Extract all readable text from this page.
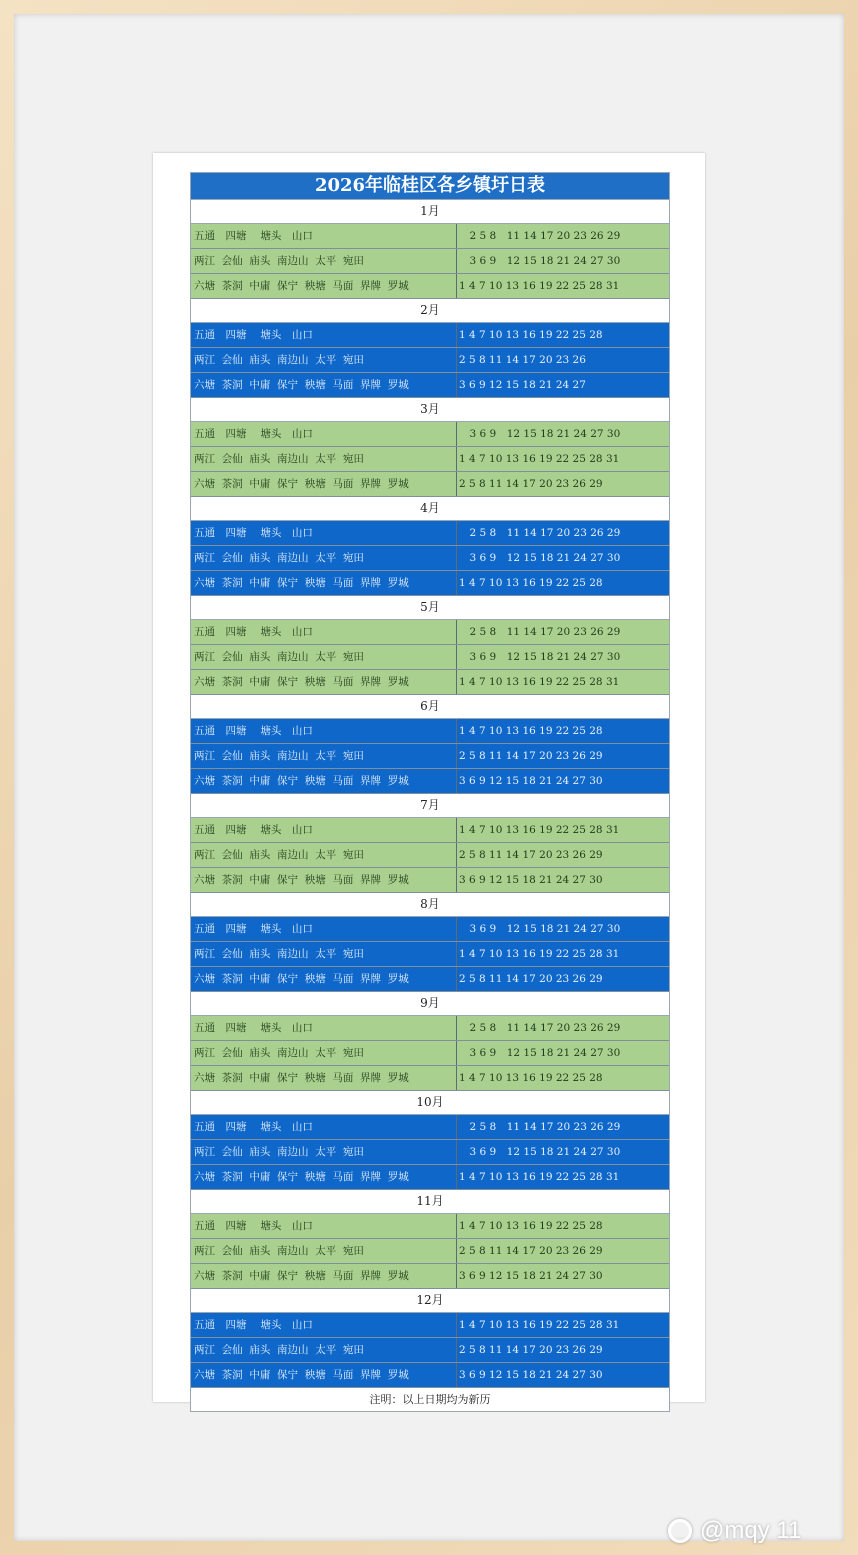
2026年临桂区各乡镇圩日表
1月
五通　四塘　 塘头　山口	　2 5 8　11 14 17 20 23 26 29
两江  会仙  庙头  南边山  太平  宛田	　3 6 9　12 15 18 21 24 27 30
六塘  茶洞  中庸  保宁  秧塘  马面  界牌  罗城	1 4 7 10 13 16 19 22 25 28 31
2月
五通　四塘　 塘头　山口	1 4 7 10 13 16 19 22 25 28
两江  会仙  庙头  南边山  太平  宛田	2 5 8 11 14 17 20 23 26
六塘  茶洞  中庸  保宁  秧塘  马面  界牌  罗城	3 6 9 12 15 18 21 24 27
3月
五通　四塘　 塘头　山口	　3 6 9　12 15 18 21 24 27 30
两江  会仙  庙头  南边山  太平  宛田	1 4 7 10 13 16 19 22 25 28 31
六塘  茶洞  中庸  保宁  秧塘  马面  界牌  罗城	2 5 8 11 14 17 20 23 26 29
4月
五通　四塘　 塘头　山口	　2 5 8　11 14 17 20 23 26 29
两江  会仙  庙头  南边山  太平  宛田	　3 6 9　12 15 18 21 24 27 30
六塘  茶洞  中庸  保宁  秧塘  马面  界牌  罗城	1 4 7 10 13 16 19 22 25 28
5月
五通　四塘　 塘头　山口	　2 5 8　11 14 17 20 23 26 29
两江  会仙  庙头  南边山  太平  宛田	　3 6 9　12 15 18 21 24 27 30
六塘  茶洞  中庸  保宁  秧塘  马面  界牌  罗城	1 4 7 10 13 16 19 22 25 28 31
6月
五通　四塘　 塘头　山口	1 4 7 10 13 16 19 22 25 28
两江  会仙  庙头  南边山  太平  宛田	2 5 8 11 14 17 20 23 26 29
六塘  茶洞  中庸  保宁  秧塘  马面  界牌  罗城	3 6 9 12 15 18 21 24 27 30
7月
五通　四塘　 塘头　山口	1 4 7 10 13 16 19 22 25 28 31
两江  会仙  庙头  南边山  太平  宛田	2 5 8 11 14 17 20 23 26 29
六塘  茶洞  中庸  保宁  秧塘  马面  界牌  罗城	3 6 9 12 15 18 21 24 27 30
8月
五通　四塘　 塘头　山口	　3 6 9　12 15 18 21 24 27 30
两江  会仙  庙头  南边山  太平  宛田	1 4 7 10 13 16 19 22 25 28 31
六塘  茶洞  中庸  保宁  秧塘  马面  界牌  罗城	2 5 8 11 14 17 20 23 26 29
9月
五通　四塘　 塘头　山口	　2 5 8　11 14 17 20 23 26 29
两江  会仙  庙头  南边山  太平  宛田	　3 6 9　12 15 18 21 24 27 30
六塘  茶洞  中庸  保宁  秧塘  马面  界牌  罗城	1 4 7 10 13 16 19 22 25 28
10月
五通　四塘　 塘头　山口	　2 5 8　11 14 17 20 23 26 29
两江  会仙  庙头  南边山  太平  宛田	　3 6 9　12 15 18 21 24 27 30
六塘  茶洞  中庸  保宁  秧塘  马面  界牌  罗城	1 4 7 10 13 16 19 22 25 28 31
11月
五通　四塘　 塘头　山口	1 4 7 10 13 16 19 22 25 28
两江  会仙  庙头  南边山  太平  宛田	2 5 8 11 14 17 20 23 26 29
六塘  茶洞  中庸  保宁  秧塘  马面  界牌  罗城	3 6 9 12 15 18 21 24 27 30
12月
五通　四塘　 塘头　山口	1 4 7 10 13 16 19 22 25 28 31
两江  会仙  庙头  南边山  太平  宛田	2 5 8 11 14 17 20 23 26 29
六塘  茶洞  中庸  保宁  秧塘  马面  界牌  罗城	3 6 9 12 15 18 21 24 27 30
注明：以上日期均为新历
@mqy 11
